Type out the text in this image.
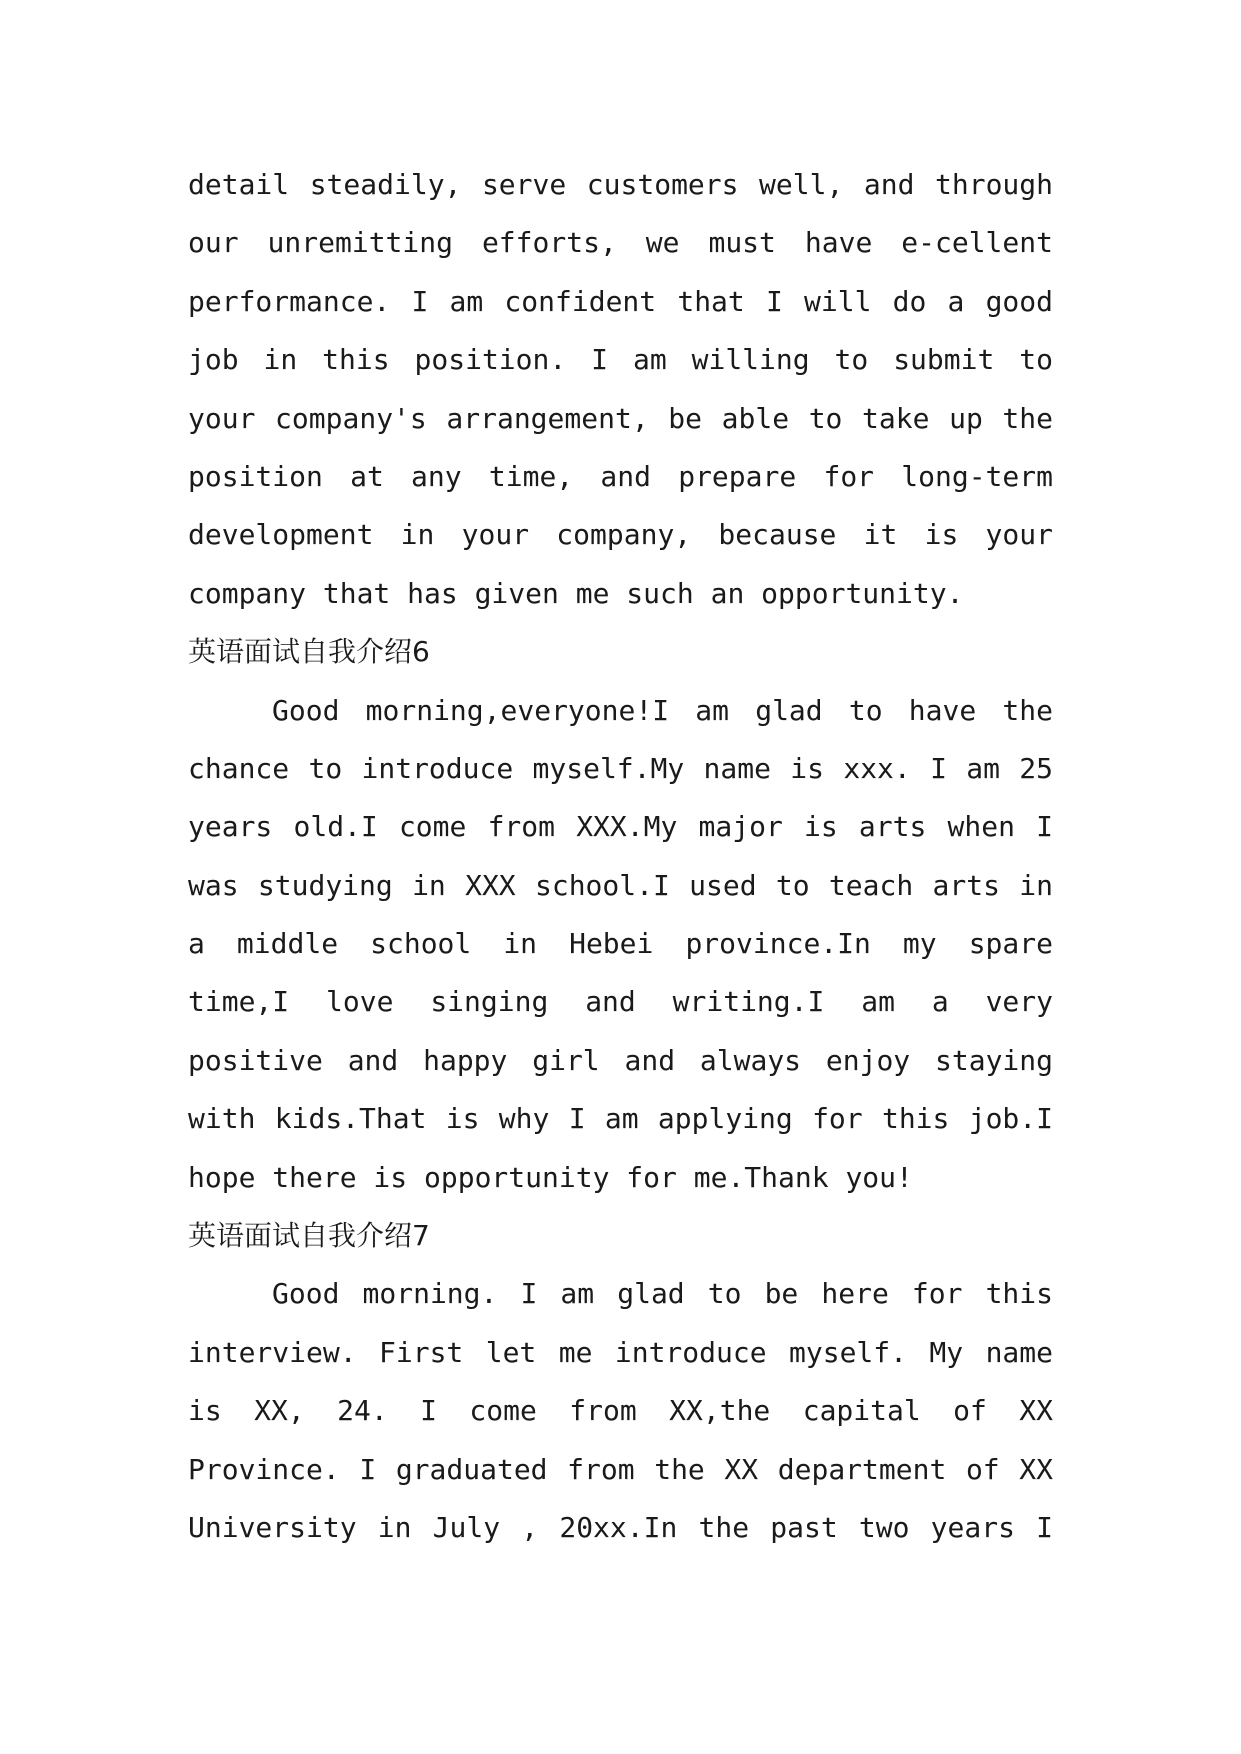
detail steadily, serve customers well, and through
our unremitting efforts, we must have e-cellent
performance. I am confident that I will do a good
job in this position. I am willing to submit to
your company's arrangement, be able to take up the
position at any time, and prepare for long-term
development in your company, because it is your
company that has given me such an opportunity.
英语面试自我介绍6
Good morning,everyone!I am glad to have the
chance to introduce myself.My name is xxx. I am 25
years old.I come from XXX.My major is arts when I
was studying in XXX school.I used to teach arts in
a middle school in Hebei province.In my spare
time,I love singing and writing.I am a very
positive and happy girl and always enjoy staying
with kids.That is why I am applying for this job.I
hope there is opportunity for me.Thank you!
英语面试自我介绍7
Good morning. I am glad to be here for this
interview. First let me introduce myself. My name
is XX, 24. I come from XX,the capital of XX
Province. I graduated from the XX department of XX
University in July , 20xx.In the past two years I
